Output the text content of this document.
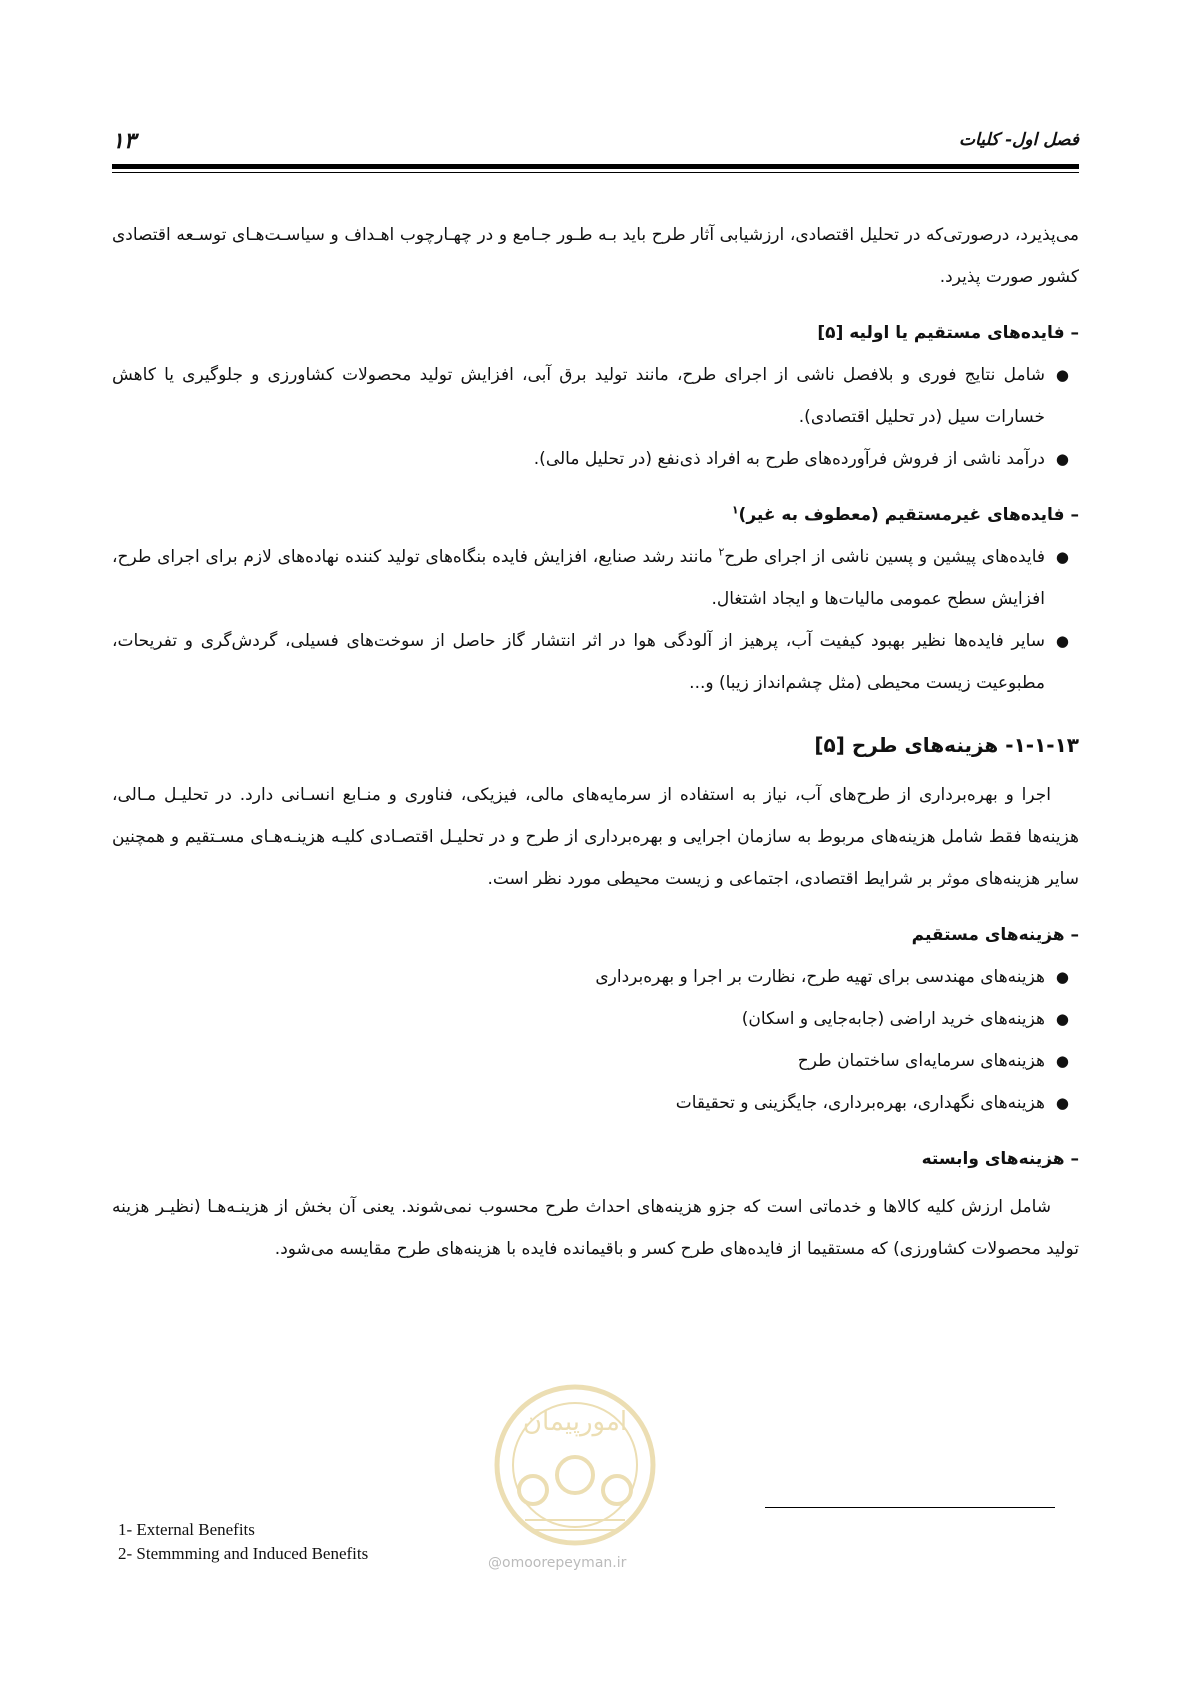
۱۳	فصل اول- کلیات

می‌پذیرد، درصورتی‌که در تحلیل اقتصادی، ارزشیابی آثار طرح باید بـه طـور جـامع و در چهـارچوب اهـداف و سیاسـت‌هـای توسـعه اقتصادی کشور صورت پذیرد.

– فایده‌های مستقیم یا اولیه [۵]
●
شامل نتایج فوری و بلافصل ناشی از اجرای طرح، مانند تولید برق آبی، افزایش تولید محصولات کشاورزی و جلوگیری یا کاهش خسارات سیل (در تحلیل اقتصادی).
●
درآمد ناشی از فروش فرآورده‌های طرح به افراد ذی‌نفع (در تحلیل مالی).
– فایده‌های غیرمستقیم (معطوف به غیر)$^۱$
●
فایده‌های پیشین و پسین ناشی از اجرای طرح$^۲$ مانند رشد صنایع، افزایش فایده بنگاه‌های تولید کننده نهاده‌های لازم برای اجرای طرح، افزایش سطح عمومی مالیات‌ها و ایجاد اشتغال.
●
سایر فایده‌ها نظیر بهبود کیفیت آب، پرهیز از آلودگی هوا در اثر انتشار گاز حاصل از سوخت‌های فسیلی، گردش‌گری و تفریحات، مطبوعیت زیست محیطی (مثل چشم‌انداز زیبا) و...
۱-۱-۱۳- هزینه‌های طرح [۵]

اجرا و بهره‌برداری از طرح‌های آب، نیاز به استفاده از سرمایه‌های مالی، فیزیکی، فناوری و منـابع انسـانی دارد. در تحلیـل مـالی، هزینه‌ها فقط شامل هزینه‌های مربوط به سازمان اجرایی و بهره‌برداری از طرح و در تحلیـل اقتصـادی کلیـه هزینـه‌هـای مسـتقیم و همچنین سایر هزینه‌های موثر بر شرایط اقتصادی، اجتماعی و زیست محیطی مورد نظر است.

– هزینه‌های مستقیم
●
هزینه‌های مهندسی برای تهیه طرح، نظارت بر اجرا و بهره‌برداری
●
هزینه‌های خرید اراضی (جابه‌جایی و اسکان)
●
هزینه‌های سرمایه‌ای ساختمان طرح
●
هزینه‌های نگهداری، بهره‌برداری، جایگزینی و تحقیقات
– هزینه‌های وابسته

شامل ارزش کلیه کالاها و خدماتی است که جزو هزینه‌های احداث طرح محسوب نمی‌شوند. یعنی آن بخش از هزینـه‌هـا (نظیـر هزینه تولید محصولات کشاورزی) که مستقیما از فایده‌های طرح کسر و باقیمانده فایده با هزینه‌های طرح مقایسه می‌شود.

امورپیمان
1- External Benefits
2- Stemmming and Induced Benefits	@omoorepeyman.ir
